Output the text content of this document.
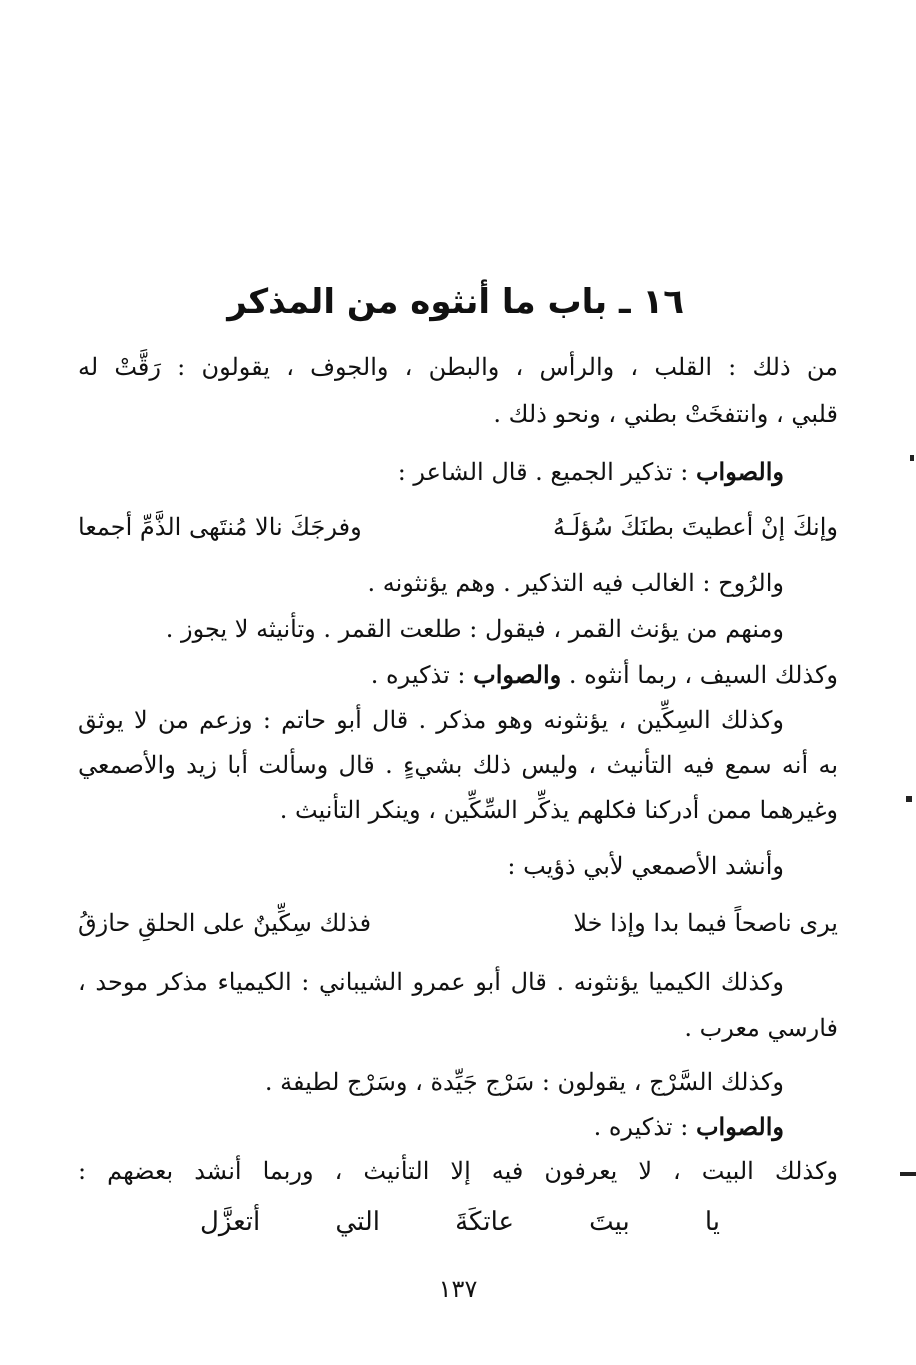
١٦ ـ باب ما أنثوه من المذكر
من ذلك : القلب ، والرأس ، والبطن ، والجوف ، يقولون : رَقَّتْ له
قلبي ، وانتفخَتْ بطني ، ونحو ذلك .
والصواب : تذكير الجميع . قال الشاعر :
وإنكَ إنْ أعطيتَ بطنَكَ سُؤلَـهُ
وفرجَكَ نالا مُنتَهى الذَّمِّ أجمعا
والرُوح : الغالب فيه التذكير . وهم يؤنثونه .
ومنهم من يؤنث القمر ، فيقول : طلعت القمر . وتأنيثه لا يجوز .
وكذلك السيف ، ربما أنثوه . والصواب : تذكيره .
وكذلك السِكِّين ، يؤنثونه وهو مذكر . قال أبو حاتم : وزعم من لا يوثق
به أنه سمع فيه التأنيث ، وليس ذلك بشيءٍ . قال وسألت أبا زيد والأصمعي
وغيرهما ممن أدركنا فكلهم يذكِّر السِّكِّين ، وينكر التأنيث .
وأنشد الأصمعي لأبي ذؤيب :
يرى ناصحاً فيما بدا وإذا خلا
فذلك سِكِّينٌ على الحلقِ حازقُ
وكذلك الكيميا يؤنثونه . قال أبو عمرو الشيباني : الكيمياء مذكر موحد ،
فارسي معرب .
وكذلك السَّرْج ، يقولون : سَرْج جَيِّدة ، وسَرْج لطيفة .
والصواب : تذكيره .
وكذلك البيت ، لا يعرفون فيه إلا التأنيث ، وربما أنشد بعضهم :
يا بيتَ عاتكَةَ التي أتعزَّل
١٣٧
